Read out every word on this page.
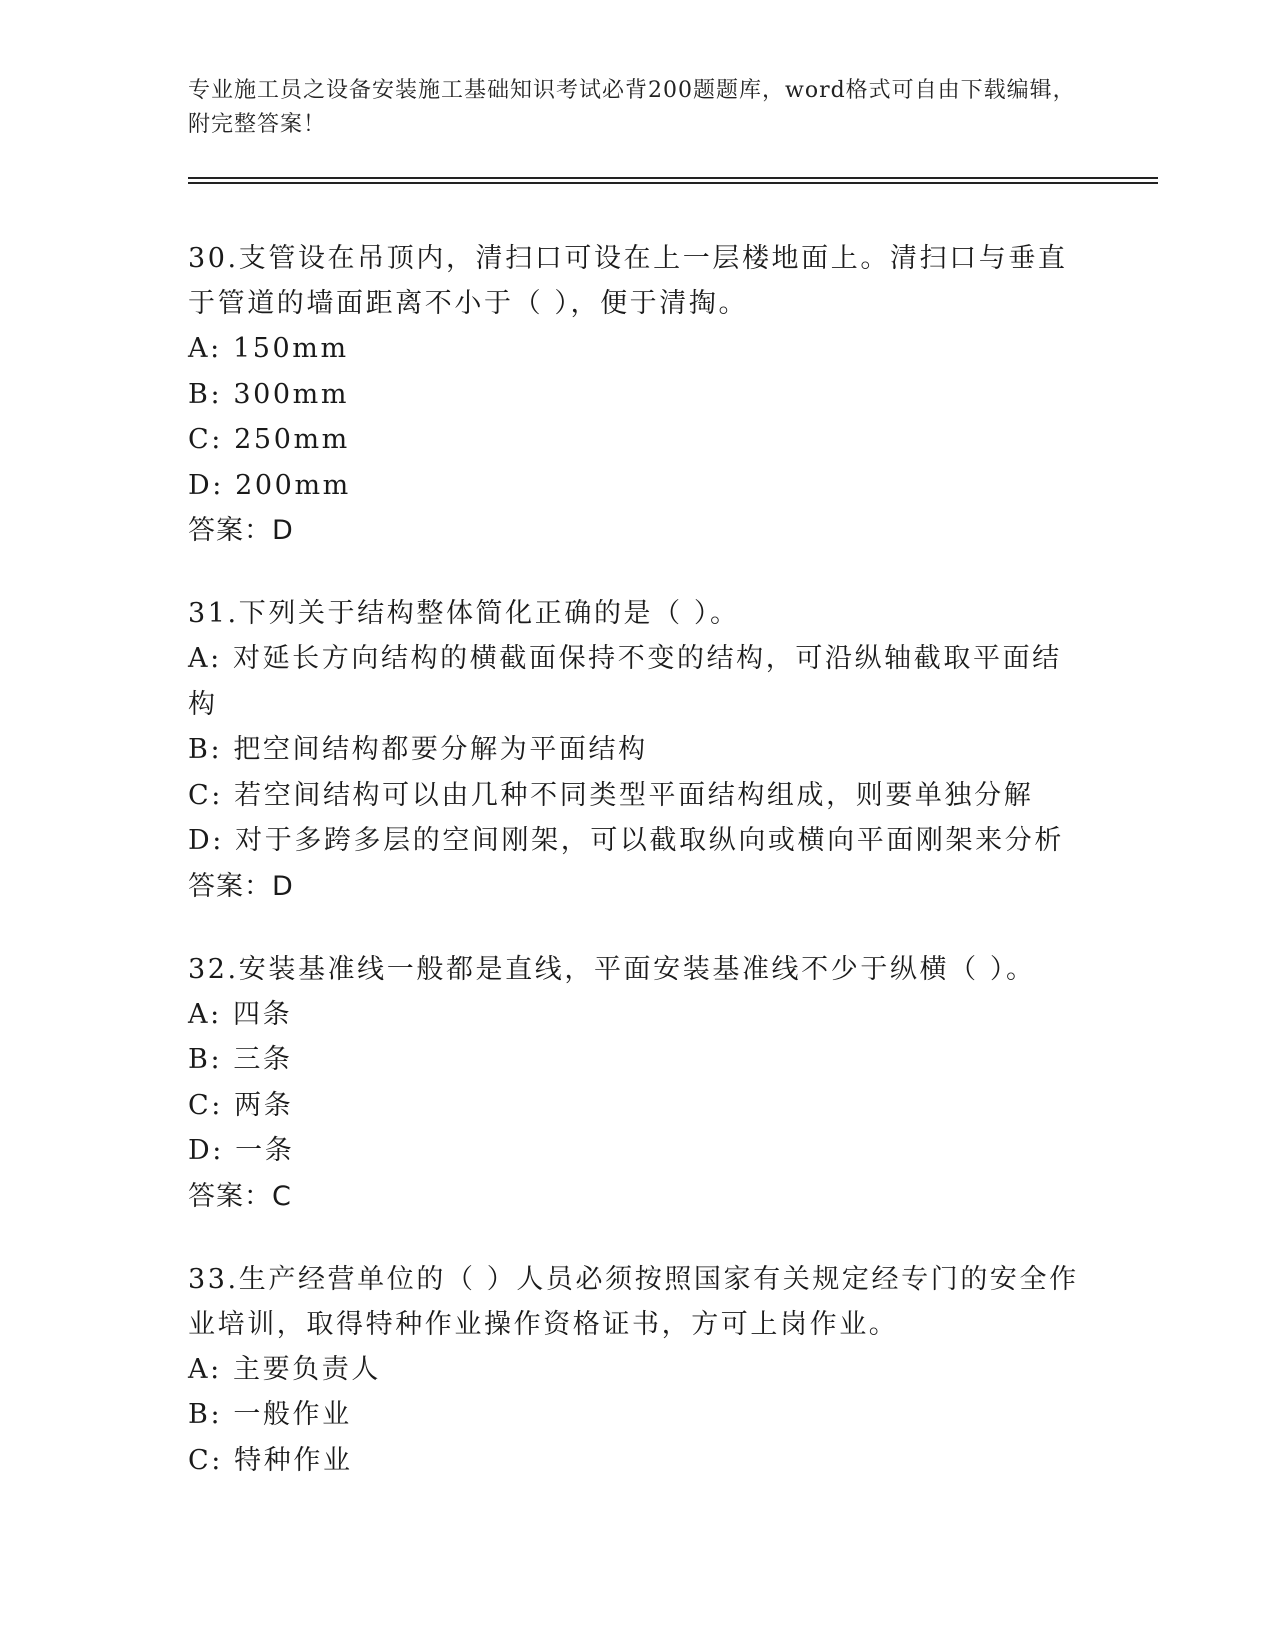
专业施工员之设备安装施工基础知识考试必背200题题库，word格式可自由下载编辑，附完整答案！

30.支管设在吊顶内，清扫口可设在上一层楼地面上。清扫口与垂直于管道的墙面距离不小于（ ），便于清掏。

A: 150mm

B: 300mm

C: 250mm

D: 200mm

答案：D

31.下列关于结构整体简化正确的是（ ）。

A: 对延长方向结构的横截面保持不变的结构，可沿纵轴截取平面结构

B: 把空间结构都要分解为平面结构

C: 若空间结构可以由几种不同类型平面结构组成，则要单独分解

D: 对于多跨多层的空间刚架，可以截取纵向或横向平面刚架来分析

答案：D

32.安装基准线一般都是直线，平面安装基准线不少于纵横（ ）。

A: 四条

B: 三条

C: 两条

D: 一条

答案：C

33.生产经营单位的（ ）人员必须按照国家有关规定经专门的安全作业培训，取得特种作业操作资格证书，方可上岗作业。

A: 主要负责人

B: 一般作业

C: 特种作业
